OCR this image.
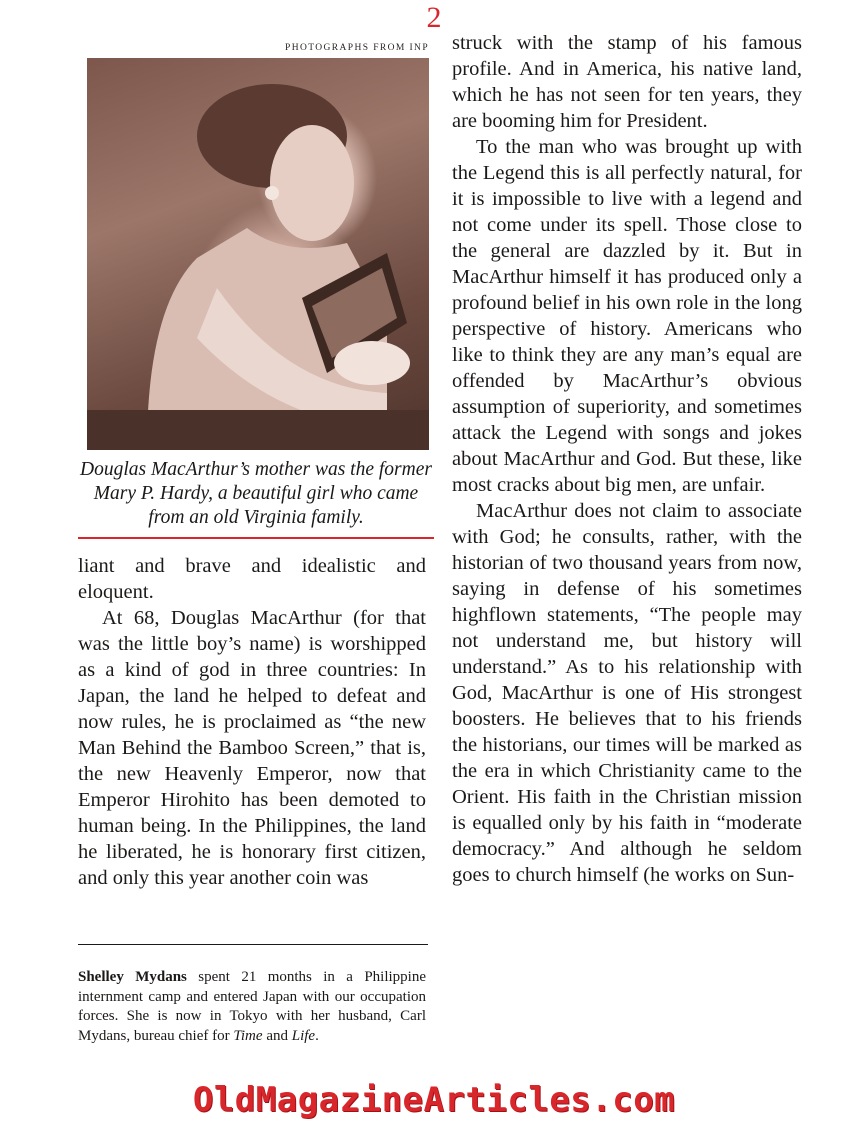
2
PHOTOGRAPHS FROM INP
Douglas MacArthur’s mother was the former Mary P. Hardy, a beautiful girl who came from an old Virginia family.

liant and brave and idealistic and eloquent.

At 68, Douglas MacArthur (for that was the little boy’s name) is worshipped as a kind of god in three countries: In Japan, the land he helped to defeat and now rules, he is proclaimed as “the new Man Behind the Bamboo Screen,” that is, the new Heavenly Emperor, now that Emperor Hirohito has been demoted to human being. In the Philippines, the land he liberated, he is honorary first citizen, and only this year another coin was

Shelley Mydans spent 21 months in a Philippine internment camp and entered Japan with our occupation forces. She is now in Tokyo with her husband, Carl Mydans, bureau chief for Time and Life.

struck with the stamp of his famous profile. And in America, his native land, which he has not seen for ten years, they are booming him for President.

To the man who was brought up with the Legend this is all perfectly natural, for it is impossible to live with a legend and not come under its spell. Those close to the general are dazzled by it. But in MacArthur himself it has produced only a profound belief in his own role in the long perspective of history. Americans who like to think they are any man’s equal are offended by MacArthur’s obvious assumption of superiority, and sometimes attack the Legend with songs and jokes about MacArthur and God. But these, like most cracks about big men, are unfair.

MacArthur does not claim to associate with God; he consults, rather, with the historian of two thousand years from now, saying in defense of his sometimes highflown statements, “The people may not understand me, but history will understand.” As to his relationship with God, MacArthur is one of His strongest boosters. He believes that to his friends the historians, our times will be marked as the era in which Christianity came to the Orient. His faith in the Christian mission is equalled only by his faith in “moderate democracy.” And although he seldom goes to church himself (he works on Sun-

OldMagazineArticles.com
